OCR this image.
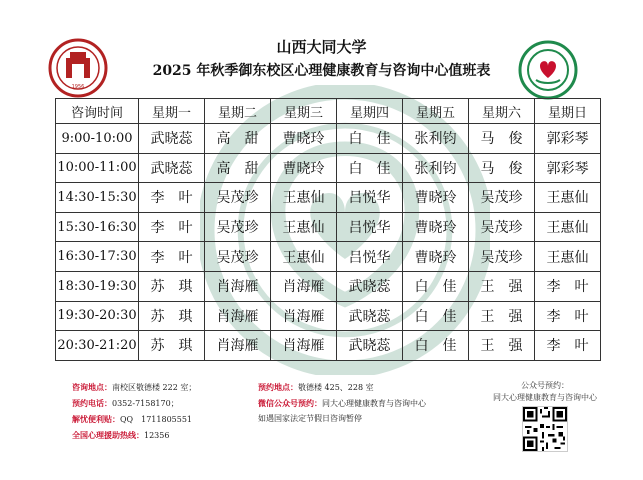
1956
山西大同大学
2025 年秋季御东校区心理健康教育与咨询中心值班表
咨询时间	星期一	星期二	星期三	星期四	星期五	星期六	星期日
9:00-10:00	武晓蕊	高　甜	曹晓玲	白　佳	张利钧	马　俊	郭彩琴
10:00-11:00	武晓蕊	高　甜	曹晓玲	白　佳	张利钧	马　俊	郭彩琴
14:30-15:30	李　叶	吴茂珍	王惠仙	吕悦华	曹晓玲	吴茂珍	王惠仙
15:30-16:30	李　叶	吴茂珍	王惠仙	吕悦华	曹晓玲	吴茂珍	王惠仙
16:30-17:30	李　叶	吴茂珍	王惠仙	吕悦华	曹晓玲	吴茂珍	王惠仙
18:30-19:30	苏　琪	肖海雁	肖海雁	武晓蕊	白　佳	王　强	李　叶
19:30-20:30	苏　琪	肖海雁	肖海雁	武晓蕊	白　佳	王　强	李　叶
20:30-21:20	苏　琪	肖海雁	肖海雁	武晓蕊	白　佳	王　强	李　叶
咨询地点：南校区敬德楼 222 室；	预约地点：敬德楼 425、228 室
预约电话：0352-7158170；	微信公众号预约：同大心理健康教育与咨询中心
解忧便利贴：QQ　1711805551	如遇国家法定节假日咨询暂停
全国心理援助热线：12356
公众号预约：
同大心理健康教育与咨询中心
